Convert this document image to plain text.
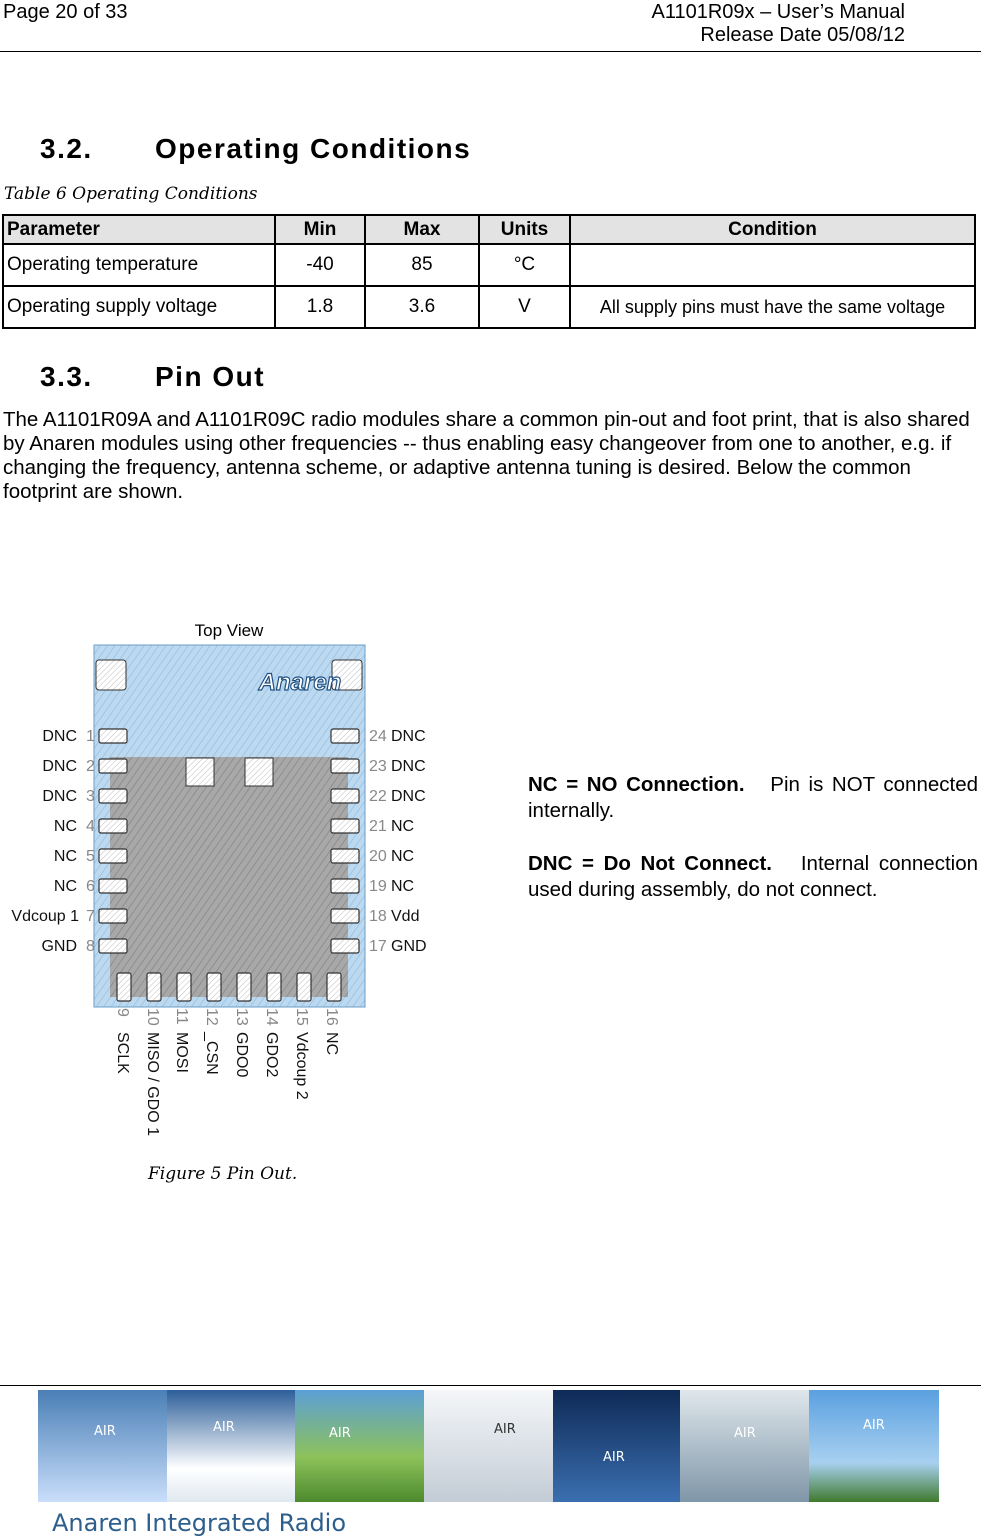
Page 20 of 33	A1101R09x – User’s Manual
Release Date 05/08/12
3.2. Operating Conditions
Table 6 Operating Conditions
Parameter	Min	Max	Units	Condition
Operating temperature	-40	85	°C	
Operating supply voltage	1.8	3.6	V	All supply pins must have the same voltage
3.3. Pin Out
The A1101R09A and A1101R09C radio modules share a common pin-out and foot print, that is also shared by Anaren modules using other frequencies -- thus enabling easy changeover from one to another, e.g. if changing the frequency, antenna scheme, or adaptive antenna tuning is desired. Below the common footprint are shown.
Top View
Anaren
DNC 1
DNC 2
DNC 3
NC 4
NC 5
NC 6
Vdcoup 1 7
GND 8
24 DNC
23 DNC
22 DNC
21 NC
20 NC
19 NC
18 Vdd
17 GND
9
SCLK
10
MISO / GDO 1
11
MOSI
12
_CSN
13
GDO0
14
GDO2
15
Vdcoup 2
16
NC
Figure 5 Pin Out.
NC = NO Connection. Pin is NOT connected internally.
DNC = Do Not Connect. Internal connection used during assembly, do not connect.
AIR	AIR	AIR	AIR
AIR
AIR
AIR
Anaren Integrated Radio
